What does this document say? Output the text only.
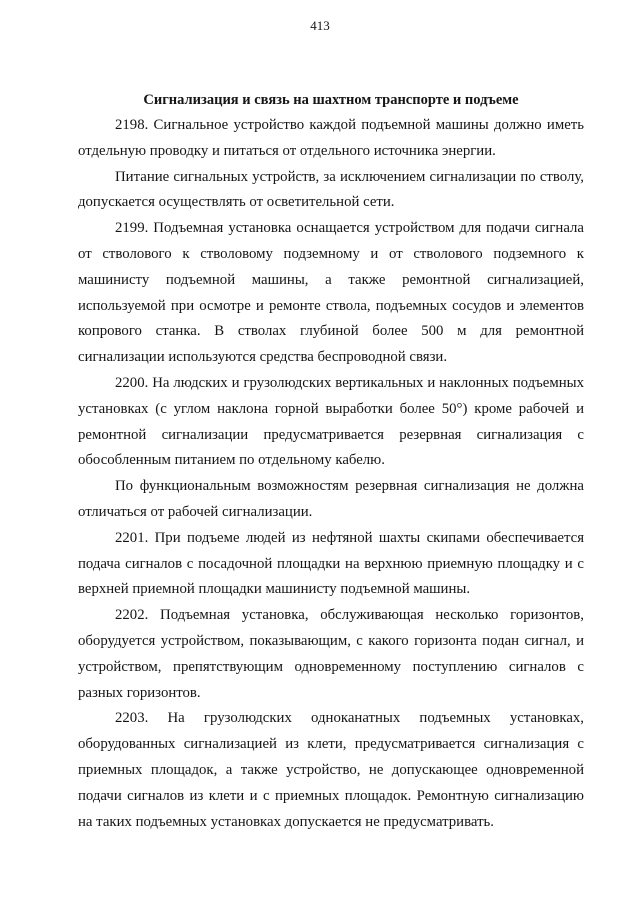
413
Сигнализация и связь на шахтном транспорте и подъеме

2198. Сигнальное устройство каждой подъемной машины должно иметь отдельную проводку и питаться от отдельного источника энергии.

Питание сигнальных устройств, за исключением сигнализации по стволу, допускается осуществлять от осветительной сети.

2199. Подъемная установка оснащается устройством для подачи сигнала от стволового к стволовому подземному и от стволового подземного к машинисту подъемной машины, а также ремонтной сигнализацией, используемой при осмотре и ремонте ствола, подъемных сосудов и элементов копрового станка. В стволах глубиной более 500 м для ремонтной сигнализации используются средства беспроводной связи.

2200. На людских и грузолюдских вертикальных и наклонных подъемных установках (с углом наклона горной выработки более 50°) кроме рабочей и ремонтной сигнализации предусматривается резервная сигнализация с обособленным питанием по отдельному кабелю.

По функциональным возможностям резервная сигнализация не должна отличаться от рабочей сигнализации.

2201. При подъеме людей из нефтяной шахты скипами обеспечивается подача сигналов с посадочной площадки на верхнюю приемную площадку и с верхней приемной площадки машинисту подъемной машины.

2202. Подъемная установка, обслуживающая несколько горизонтов, оборудуется устройством, показывающим, с какого горизонта подан сигнал, и устройством, препятствующим одновременному поступлению сигналов с разных горизонтов.

2203. На грузолюдских одноканатных подъемных установках, оборудованных сигнализацией из клети, предусматривается сигнализация с приемных площадок, а также устройство, не допускающее одновременной подачи сигналов из клети и с приемных площадок. Ремонтную сигнализацию на таких подъемных установках допускается не предусматривать.
